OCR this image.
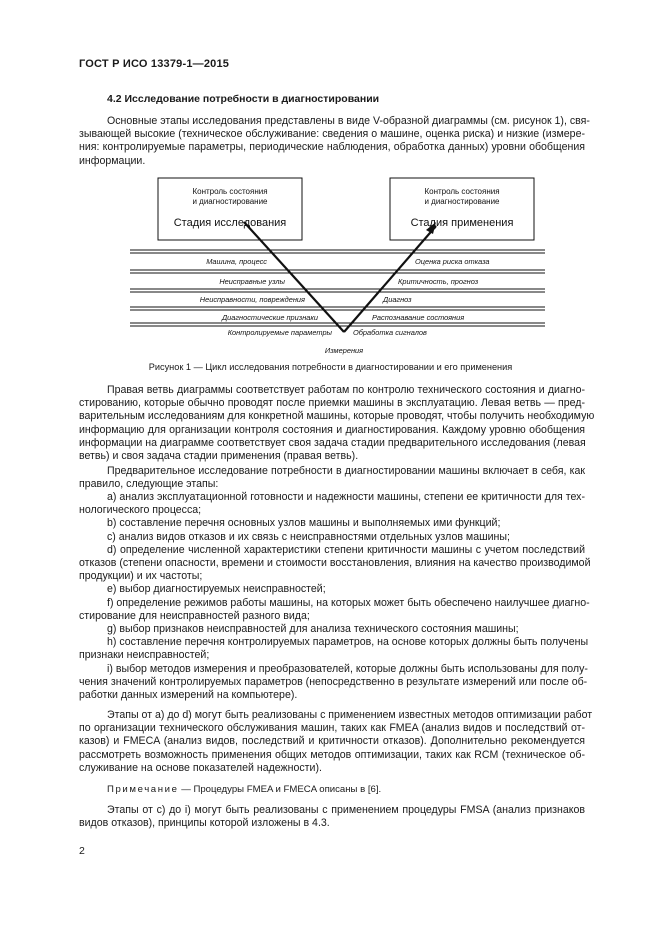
ГОСТ Р ИСО 13379-1—2015
4.2 Исследование потребности в диагностировании
Основные этапы исследования представлены в виде V-образной диаграммы (см. рисунок 1), свя-
зывающей высокие (техническое обслуживание: сведения о машине, оценка риска) и низкие (измере-
ния: контролируемые параметры, периодические наблюдения, обработка данных) уровни обобщения
информации.
Машина, процесс
Неисправные узлы
Неисправности, повреждения
Диагностические признаки
Контролируемые параметры
Оценка риска отказа
Критичность, прогноз
Диагноз
Распознавание состояния
Обработка сигналов
Измерения
Контроль состояния
и диагностирование
Стадия исследования
Контроль состояния
и диагностирование
Стадия применения
Рисунок 1 — Цикл исследования потребности в диагностировании и его применения
Правая ветвь диаграммы соответствует работам по контролю технического состояния и диагно-
стированию, которые обычно проводят после приемки машины в эксплуатацию. Левая ветвь — пред-
варительным исследованиям для конкретной машины, которые проводят, чтобы получить необходимую
информацию для организации контроля состояния и диагностирования. Каждому уровню обобщения
информации на диаграмме соответствует своя задача стадии предварительного исследования (левая
ветвь) и своя задача стадии применения (правая ветвь).
Предварительное исследование потребности в диагностировании машины включает в себя, как
правило, следующие этапы:
а) анализ эксплуатационной готовности и надежности машины, степени ее критичности для тех-
нологического процесса;
b) составление перечня основных узлов машины и выполняемых ими функций;
с) анализ видов отказов и их связь с неисправностями отдельных узлов машины;
d) определение численной характеристики степени критичности машины с учетом последствий
отказов (степени опасности, времени и стоимости восстановления, влияния на качество производимой
продукции) и их частоты;
е) выбор диагностируемых неисправностей;
f) определение режимов работы машины, на которых может быть обеспечено наилучшее диагно-
стирование для неисправностей разного вида;
g) выбор признаков неисправностей для анализа технического состояния машины;
h) составление перечня контролируемых параметров, на основе которых должны быть получены
признаки неисправностей;
i) выбор методов измерения и преобразователей, которые должны быть использованы для полу-
чения значений контролируемых параметров (непосредственно в результате измерений или после об-
работки данных измерений на компьютере).
Этапы от а) до d) могут быть реализованы с применением известных методов оптимизации работ
по организации технического обслуживания машин, таких как FMEA (анализ видов и последствий от-
казов) и FMECA (анализ видов, последствий и критичности отказов). Дополнительно рекомендуется
рассмотреть возможность применения общих методов оптимизации, таких как RCM (техническое об-
служивание на основе показателей надежности).
Примечание — Процедуры FMEA и FMECA описаны в [6].
Этапы от с) до i) могут быть реализованы с применением процедуры FMSA (анализ признаков
видов отказов), принципы которой изложены в 4.3.
2
